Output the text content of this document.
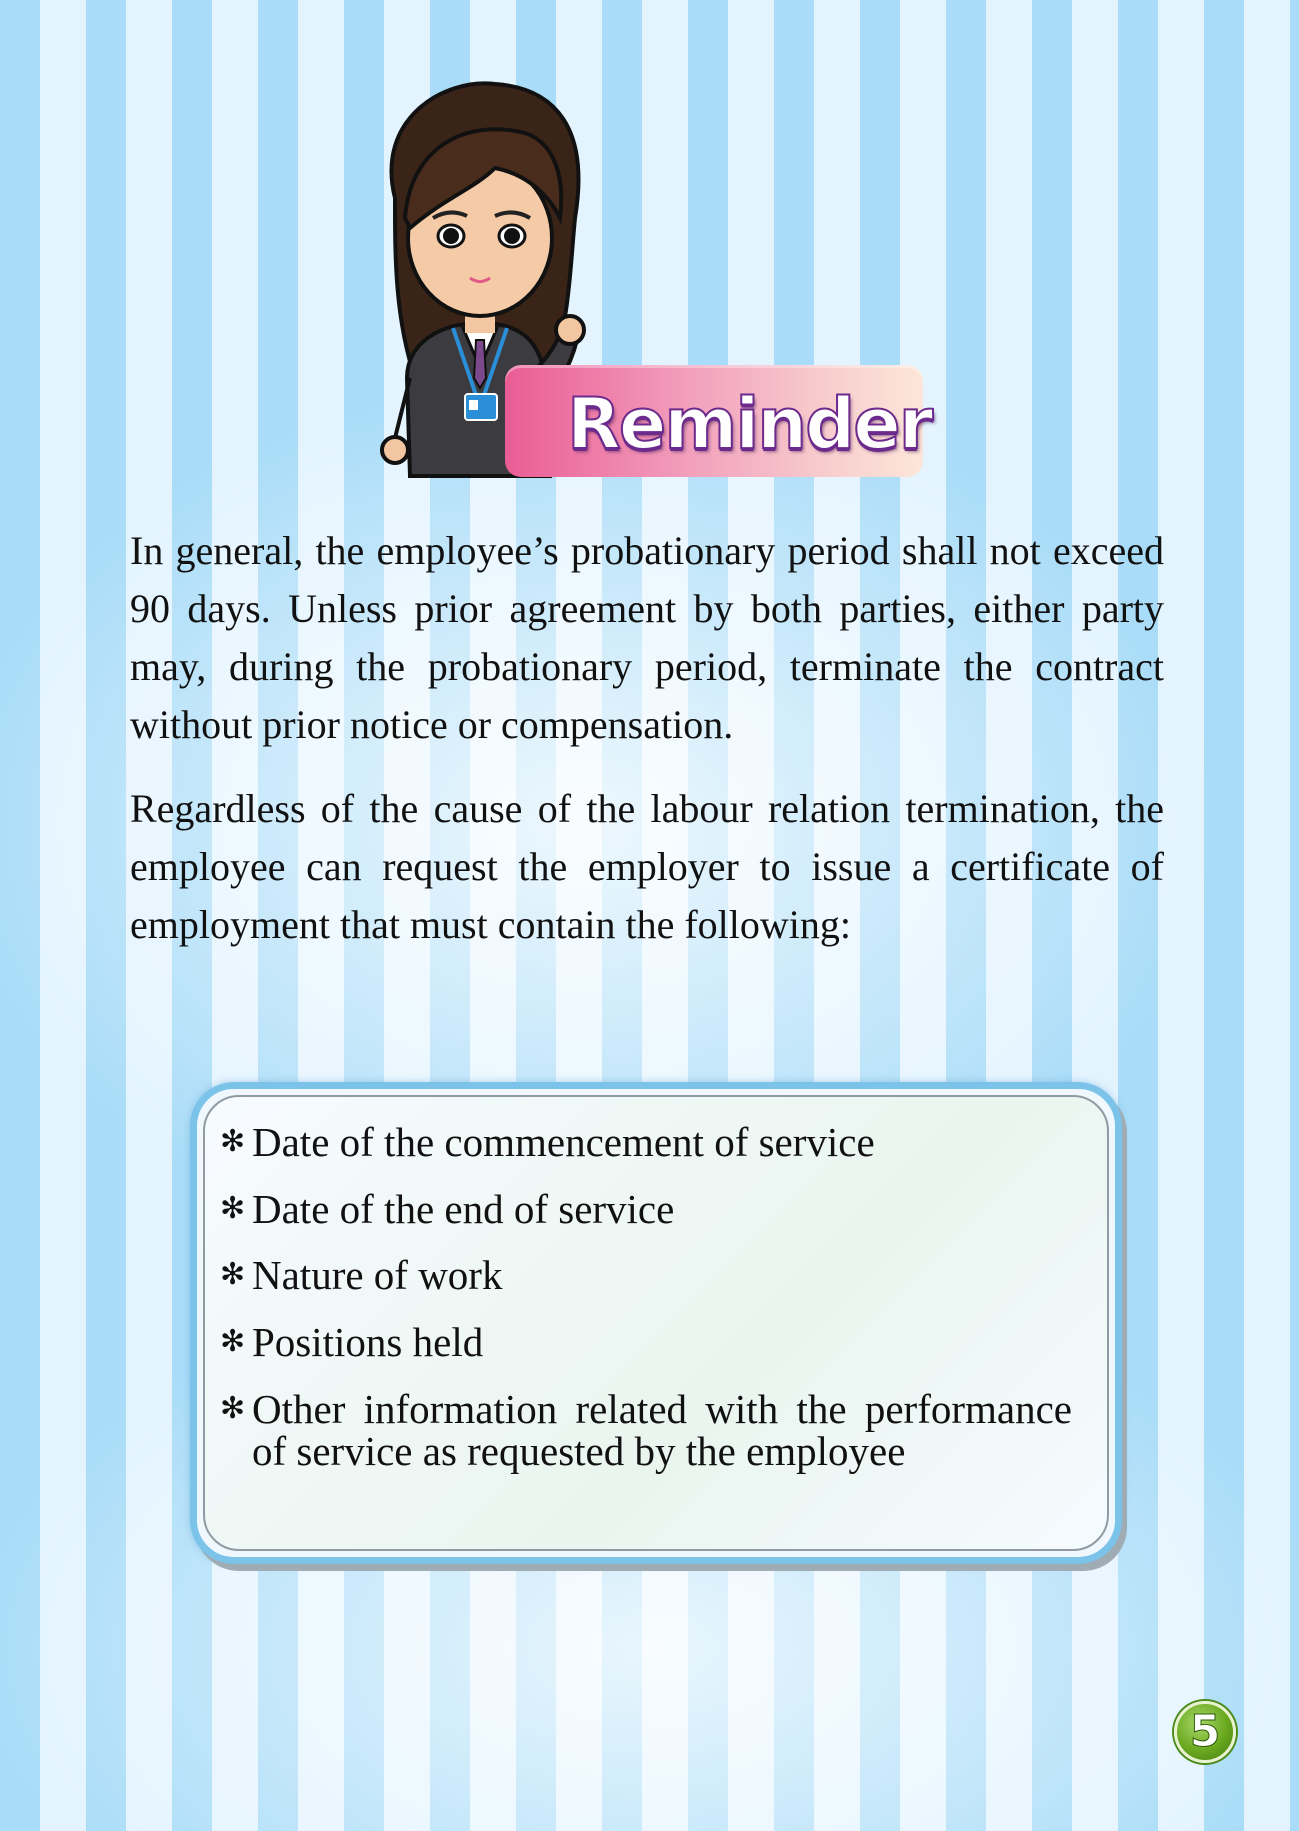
Reminder

In general, the employee’s probationary period shall not exceed 90 days. Unless prior agreement by both parties, either party may, during the probationary period, terminate the contract without prior notice or compensation.

Regardless of the cause of the labour relation termination, the employee can request the employer to issue a certificate of employment that must contain the following:

✻ Date of the commencement of service
✻ Date of the end of service
✻ Nature of work
✻ Positions held
✻ Other information related with the performance of service as requested by the employee
5
